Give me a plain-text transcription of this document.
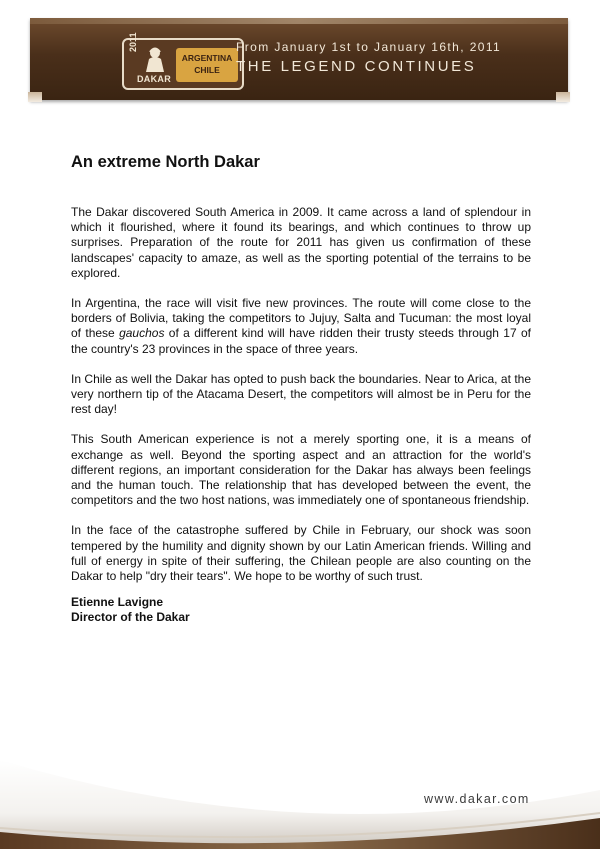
2011
DAKAR
ARGENTINA
CHILE
From January 1st to January 16th, 2011
THE LEGEND CONTINUES
An extreme North Dakar

The Dakar discovered South America in 2009. It came across a land of splendour in which it flourished, where it found its bearings, and which continues to throw up surprises. Preparation of the route for 2011 has given us confirmation of these landscapes' capacity to amaze, as well as the sporting potential of the terrains to be explored.

In Argentina, the race will visit five new provinces. The route will come close to the borders of Bolivia, taking the competitors to Jujuy, Salta and Tucuman: the most loyal of these gauchos of a different kind will have ridden their trusty steeds through 17 of the country's 23 provinces in the space of three years.

In Chile as well the Dakar has opted to push back the boundaries. Near to Arica, at the very northern tip of the Atacama Desert, the competitors will almost be in Peru for the rest day!

This South American experience is not a merely sporting one, it is a means of exchange as well. Beyond the sporting aspect and an attraction for the world's different regions, an important consideration for the Dakar has always been feelings and the human touch. The relationship that has developed between the event, the competitors and the two host nations, was immediately one of spontaneous friendship.

In the face of the catastrophe suffered by Chile in February, our shock was soon tempered by the humility and dignity shown by our Latin American friends. Willing and full of energy in spite of their suffering, the Chilean people are also counting on the Dakar to help "dry their tears". We hope to be worthy of such trust.

Etienne Lavigne
Director of the Dakar
www.dakar.com
